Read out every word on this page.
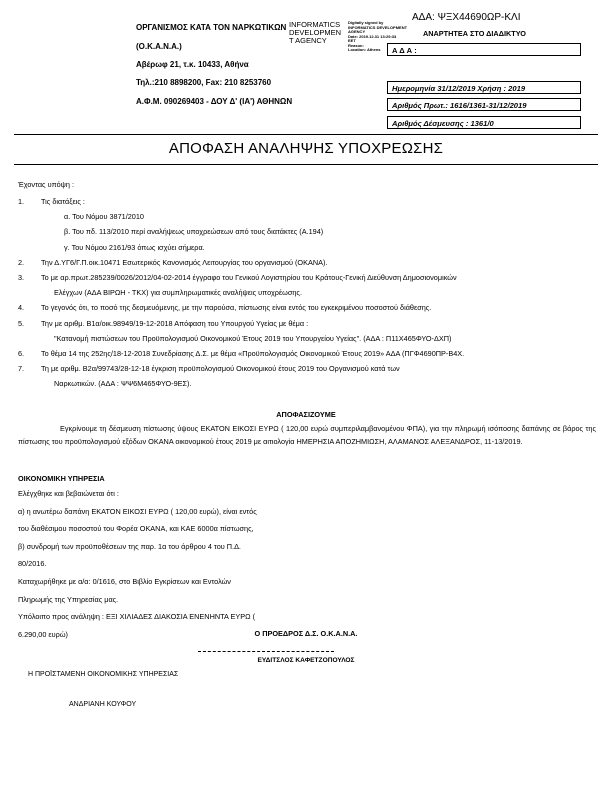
ΟΡΓΑΝΙΣΜΟΣ ΚΑΤΑ ΤΟΝ ΝΑΡΚΩΤΙΚΩΝ
(Ο.Κ.Α.Ν.Α.)
Αβέρωφ 21, τ.κ. 10433, Αθήνα
Τηλ.:210 8898200, Fax: 210 8253760
Α.Φ.Μ. 090269403 - ΔΟΥ Δ' (ΙΑ') ΑΘΗΝΩΝ
INFORMATICS
DEVELOPMEN
T AGENCY
Digitally signed by
INFORMATICS DEVELOPMENT
AGENCY
Date: 2019.12.31 13:29:33
EET
Reason:
Location: Athens
ΑΔΑ: ΨΞΧ44690ΩΡ-ΚΛΙ
ΑΝΑΡΤΗΤΕΑ ΣΤΟ ΔΙΑΔΙΚΤΥΟ
Α Δ Α :
Ημερομηνία 31/12/2019 Χρήση : 2019
Αριθμός Πρωτ.: 1616/1361-31/12/2019
Αριθμός Δέσμευσης : 1361/0
ΑΠΟΦΑΣΗ ΑΝΑΛΗΨΗΣ ΥΠΟΧΡΕΩΣΗΣ
Έχοντας υπόψη :
1. Τις διατάξεις :
α. Του Νόμου 3871/2010
β. Του πδ. 113/2010 περί αναλήψεως υποχρεώσεων από τους διατάκτες (Α.194)
γ. Του Νόμου 2161/93 όπως ισχύει σήμερα.
2. Την Δ.ΥΓ6/Γ.Π.οικ.10471 Εσωτερικός Κανονισμός Λειτουργίας του οργανισμού (ΟΚΑΝΑ).
3. Το με αρ.πρωτ.285239/0026/2012/04-02-2014 έγγραφο του Γενικού Λογιστηρίου του Κράτους-Γενική Διεύθυνση Δημοσιονομικών
Ελέγχων (ΑΔΑ ΒΙΡΩΗ - ΤΚΧ) για συμπληρωματικές αναλήψεις υποχρέωσης.
4. Το γεγονός ότι, το ποσό της δεσμευόμενης, με την παρούσα, πίστωσης είναι εντός του εγκεκριμένου ποσοστού διάθεσης.
5. Την με αριθμ. Β1α/οικ.98949/19-12-2018 Απόφαση του Υπουργού Υγείας με θέμα :
"Κατανομή πιστώσεων του Προϋπολογισμού Οικονομικού Έτους 2019 του Υπουργείου Υγείας". (ΑΔΑ : Π11Χ465ΦΥΟ-ΔΧΠ)
6. Το θέμα 14 της 252ης/18-12-2018 Συνεδρίασης Δ.Σ. με θέμα «Προϋπολογισμός Οικονομικού Έτους 2019» ΑΔΑ (ΠΓΦ4690ΠΡ-Β4Χ.
7. Τη με αριθμ. Β2α/99743/28-12-18 έγκριση προϋπολογισμού Οικονομικού έτους 2019 του Οργανισμού κατά των
Ναρκωτικών. (ΑΔΑ : ΨΨ6Μ465ΦΥΟ-9ΕΣ).
ΑΠΟΦΑΣΙΖΟΥΜΕ
Εγκρίνουμε τη δέσμευση πίστωσης ύψους ΕΚΑΤΟΝ ΕΙΚΟΣΙ ΕΥΡΩ ( 120,00 ευρώ συμπεριλαμβανομένου ΦΠΑ), για την πληρωμή ισόποσης δαπάνης σε βάρος της πίστωσης του προϋπολογισμού εξόδων ΟΚΑΝΑ οικονομικού έτους 2019 με αιτιολογία ΗΜΕΡΗΣΙΑ ΑΠΟΖΗΜΙΩΣΗ, ΑΛΑΜΑΝΟΣ ΑΛΕΞΑΝΔΡΟΣ, 11-13/2019.
ΟΙΚΟΝΟΜΙΚΗ ΥΠΗΡΕΣΙΑ
Ελέγχθηκε και βεβαιώνεται ότι :
α) η ανωτέρω δαπάνη ΕΚΑΤΟΝ ΕΙΚΟΣΙ ΕΥΡΩ ( 120,00 ευρώ), είναι εντός
του διαθέσιμου ποσοστού του Φορέα ΟΚΑΝΑ, και ΚΑΕ 6000α πίστωσης,
β) συνδρομή των προϋποθέσεων της παρ. 1α του άρθρου 4 του Π.Δ.
80/2016.
Καταχωρήθηκε με α/α: 0/1616, στο Βιβλίο Εγκρίσεων και Εντολών
Πληρωμής της Υπηρεσίας μας.
Υπόλοιπο προς ανάληψη : ΕΞΙ ΧΙΛΙΑΔΕΣ ΔΙΑΚΟΣΙΑ ΕΝΕΝΗΝΤΑ ΕΥΡΩ (
6.290,00 ευρώ)	Ο ΠΡΟΕΔΡΟΣ Δ.Σ. Ο.Κ.Α.Ν.Α.
ΕΥΔΙΤΣΛΟΣ ΚΑΦΕΤΖΟΠΟΥΛΟΣ
Η ΠΡΟΪΣΤΑΜΕΝΗ ΟΙΚΟΝΟΜΙΚΗΣ ΥΠΗΡΕΣΙΑΣ
ΑΝΔΡΙΑΝΗ ΚΟΥΦΟΥ
